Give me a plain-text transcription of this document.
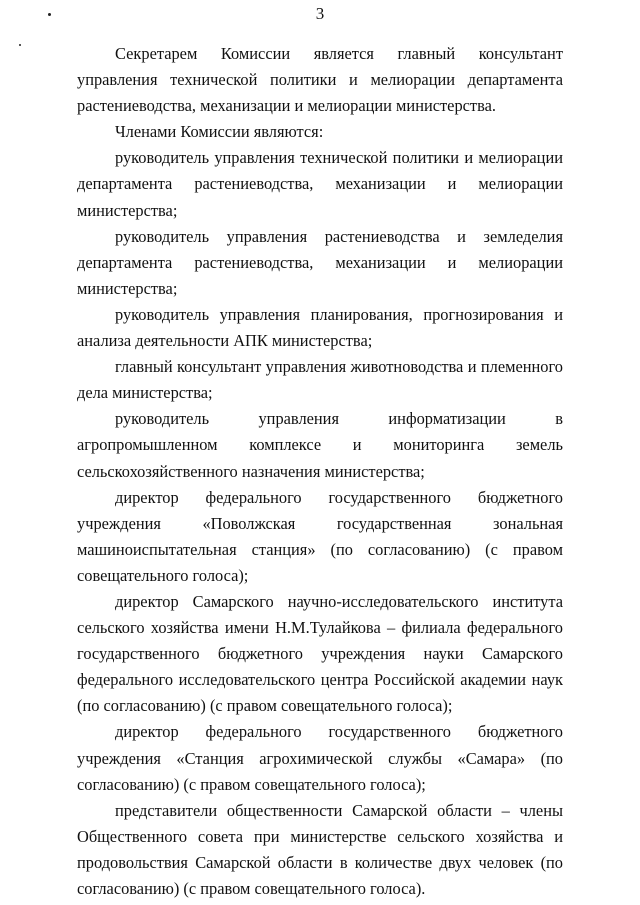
3

Секретарем Комиссии является главный консультант управления технической политики и мелиорации департамента растениеводства, механизации и мелиорации министерства.

Членами Комиссии являются:

руководитель управления технической политики и мелиорации департамента растениеводства, механизации и мелиорации министерства;

руководитель управления растениеводства и земледелия департамента растениеводства, механизации и мелиорации министерства;

руководитель управления планирования, прогнозирования и анализа деятельности АПК министерства;

главный консультант управления животноводства и племенного дела министерства;

руководитель управления информатизации в агропромышленном комплексе и мониторинга земель сельскохозяйственного назначения министерства;

директор федерального государственного бюджетного учреждения «Поволжская государственная зональная машиноиспытательная станция» (по согласованию) (с правом совещательного голоса);

директор Самарского научно-исследовательского института сельского хозяйства имени Н.М.Тулайкова – филиала федерального государственного бюджетного учреждения науки Самарского федерального исследовательского центра Российской академии наук (по согласованию) (с правом совещательного голоса);

директор федерального государственного бюджетного учреждения «Станция агрохимической службы «Самара» (по согласованию) (с правом совещательного голоса);

представители общественности Самарской области – члены Общественного совета при министерстве сельского хозяйства и продовольствия Самарской области в количестве двух человек (по согласованию) (с правом совещательного голоса).
